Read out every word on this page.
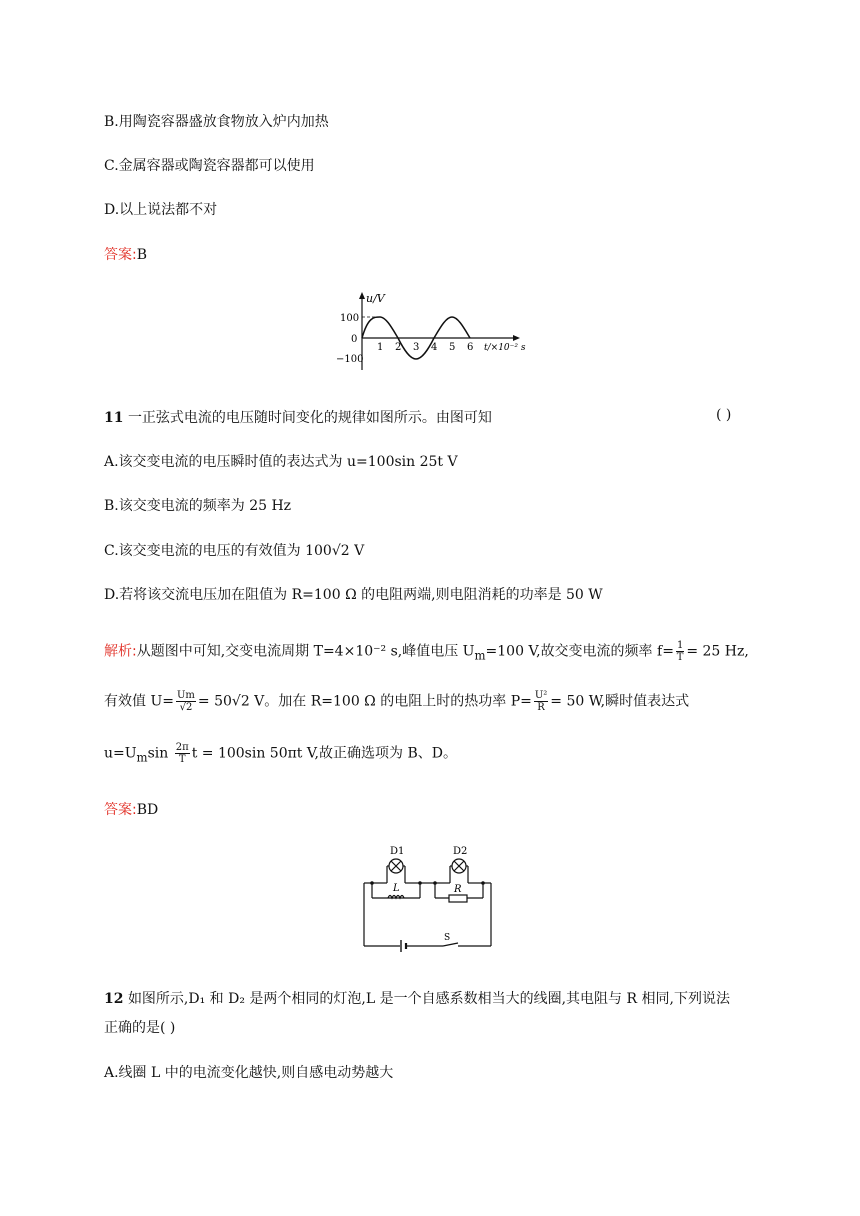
B.用陶瓷容器盛放食物放入炉内加热
C.金属容器或陶瓷容器都可以使用
D.以上说法都不对
答案:B
u/V
100
0
−100
1 2 3 4 5 6 t/×10⁻² s
11 一正弦式电流的电压随时间变化的规律如图所示。由图可知	( )
A.该交变电流的电压瞬时值的表达式为 u=100sin 25t V
B.该交变电流的频率为 25 Hz
C.该交变电流的电压的有效值为 100√2 V
D.若将该交流电压加在阻值为 R=100 Ω 的电阻两端,则电阻消耗的功率是 50 W
解析:从题图中可知,交变电流周期 T=4×10⁻² s,峰值电压 $U_m=100$ V,故交变电流的频率 $f= \frac{1}{T} = 25$ Hz,
有效值 $U= \frac{Um}{√2} = 50√2$ V。加在 R=100 Ω 的电阻上时的热功率 $P= \frac{\text{U²}}{R} = 50$ W,瞬时值表达式
$u=U_m\sin \frac{2\pi}{T}$ t = 100sin 50πt V,故正确选项为 B、D。
答案:BD
D1	D2
L	R
S
12 如图所示,D₁ 和 D₂ 是两个相同的灯泡,L 是一个自感系数相当大的线圈,其电阻与 R 相同,下列说法
正确的是( )
A.线圈 L 中的电流变化越快,则自感电动势越大
